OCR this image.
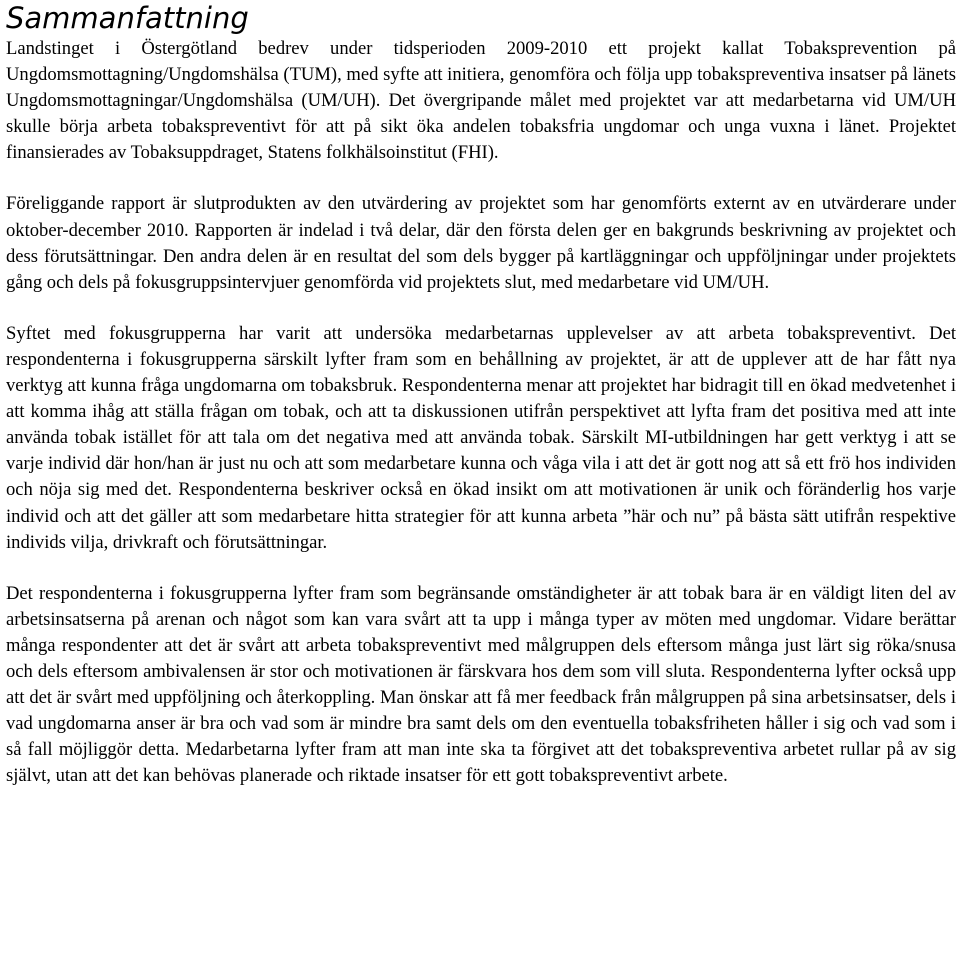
Sammanfattning

Landstinget i Östergötland bedrev under tidsperioden 2009-2010 ett projekt kallat Tobaksprevention på Ungdomsmottagning/Ungdomshälsa (TUM), med syfte att initiera, genomföra och följa upp tobakspreventiva insatser på länets Ungdomsmottagningar/Ungdomshälsa (UM/UH). Det övergripande målet med projektet var att medarbetarna vid UM/UH skulle börja arbeta tobakspreventivt för att på sikt öka andelen tobaksfria ungdomar och unga vuxna i länet. Projektet finansierades av Tobaksuppdraget, Statens folkhälsoinstitut (FHI).

Föreliggande rapport är slutprodukten av den utvärdering av projektet som har genomförts externt av en utvärderare under oktober-december 2010. Rapporten är indelad i två delar, där den första delen ger en bakgrunds beskrivning av projektet och dess förutsättningar. Den andra delen är en resultat del som dels bygger på kartläggningar och uppföljningar under projektets gång och dels på fokusgruppsintervjuer genomförda vid projektets slut, med medarbetare vid UM/UH.

Syftet med fokusgrupperna har varit att undersöka medarbetarnas upplevelser av att arbeta tobakspreventivt. Det respondenterna i fokusgrupperna särskilt lyfter fram som en behållning av projektet, är att de upplever att de har fått nya verktyg att kunna fråga ungdomarna om tobaksbruk. Respondenterna menar att projektet har bidragit till en ökad medvetenhet i att komma ihåg att ställa frågan om tobak, och att ta diskussionen utifrån perspektivet att lyfta fram det positiva med att inte använda tobak istället för att tala om det negativa med att använda tobak. Särskilt MI-utbildningen har gett verktyg i att se varje individ där hon/han är just nu och att som medarbetare kunna och våga vila i att det är gott nog att så ett frö hos individen och nöja sig med det. Respondenterna beskriver också en ökad insikt om att motivationen är unik och föränderlig hos varje individ och att det gäller att som medarbetare hitta strategier för att kunna arbeta ”här och nu” på bästa sätt utifrån respektive individs vilja, drivkraft och förutsättningar.

Det respondenterna i fokusgrupperna lyfter fram som begränsande omständigheter är att tobak bara är en väldigt liten del av arbetsinsatserna på arenan och något som kan vara svårt att ta upp i många typer av möten med ungdomar. Vidare berättar många respondenter att det är svårt att arbeta tobakspreventivt med målgruppen dels eftersom många just lärt sig röka/snusa och dels eftersom ambivalensen är stor och motivationen är färskvara hos dem som vill sluta. Respondenterna lyfter också upp att det är svårt med uppföljning och återkoppling. Man önskar att få mer feedback från målgruppen på sina arbetsinsatser, dels i vad ungdomarna anser är bra och vad som är mindre bra samt dels om den eventuella tobaksfriheten håller i sig och vad som i så fall möjliggör detta. Medarbetarna lyfter fram att man inte ska ta förgivet att det tobakspreventiva arbetet rullar på av sig självt, utan att det kan behövas planerade och riktade insatser för ett gott tobakspreventivt arbete.
